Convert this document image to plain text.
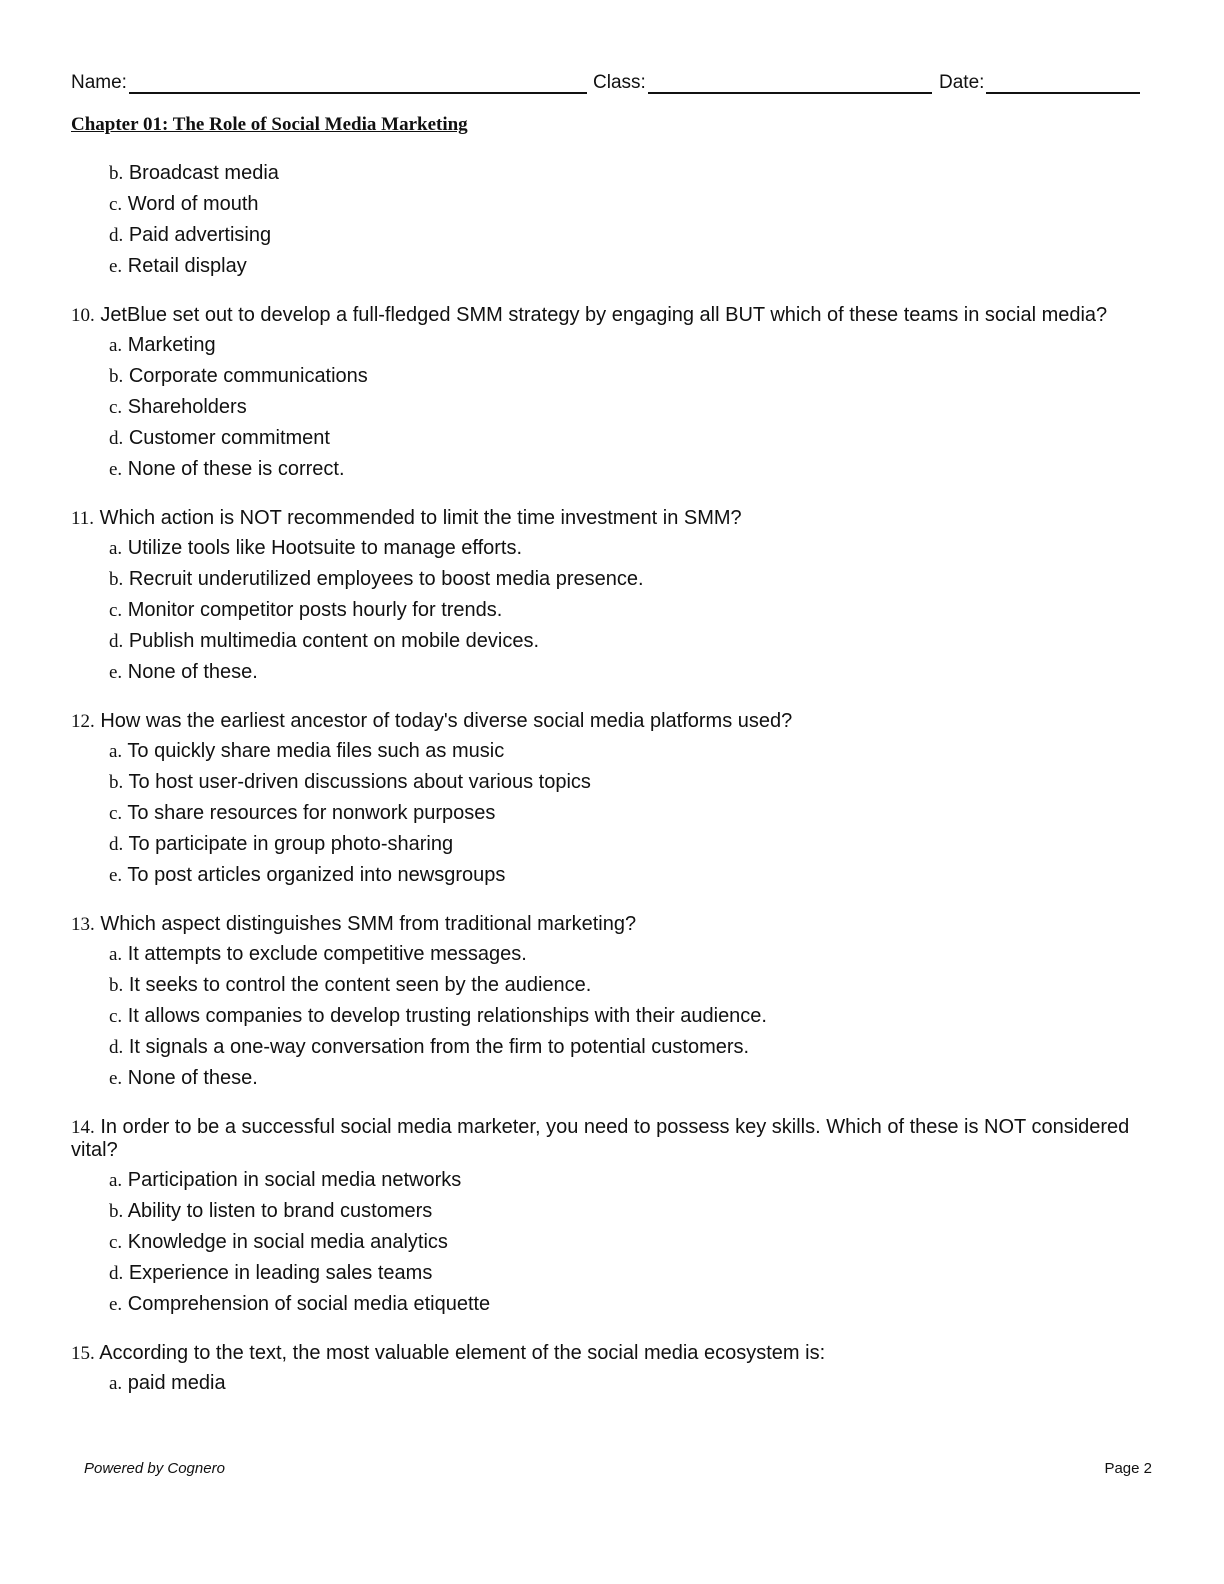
Name:	Class:	Date:
Chapter 01: The Role of Social Media Marketing
b. Broadcast media
c. Word of mouth
d. Paid advertising
e. Retail display
10. JetBlue set out to develop a full-fledged SMM strategy by engaging all BUT which of these teams in social media?
a. Marketing
b. Corporate communications
c. Shareholders
d. Customer commitment
e. None of these is correct.
11. Which action is NOT recommended to limit the time investment in SMM?
a. Utilize tools like Hootsuite to manage efforts.
b. Recruit underutilized employees to boost media presence.
c. Monitor competitor posts hourly for trends.
d. Publish multimedia content on mobile devices.
e. None of these.
12. How was the earliest ancestor of today's diverse social media platforms used?
a. To quickly share media files such as music
b. To host user-driven discussions about various topics
c. To share resources for nonwork purposes
d. To participate in group photo-sharing
e. To post articles organized into newsgroups
13. Which aspect distinguishes SMM from traditional marketing?
a. It attempts to exclude competitive messages.
b. It seeks to control the content seen by the audience.
c. It allows companies to develop trusting relationships with their audience.
d. It signals a one-way conversation from the firm to potential customers.
e. None of these.
14. In order to be a successful social media marketer, you need to possess key skills. Which of these is NOT considered vital?
a. Participation in social media networks
b. Ability to listen to brand customers
c. Knowledge in social media analytics
d. Experience in leading sales teams
e. Comprehension of social media etiquette
15. According to the text, the most valuable element of the social media ecosystem is:
a. paid media
Powered by Cognero	Page 2
